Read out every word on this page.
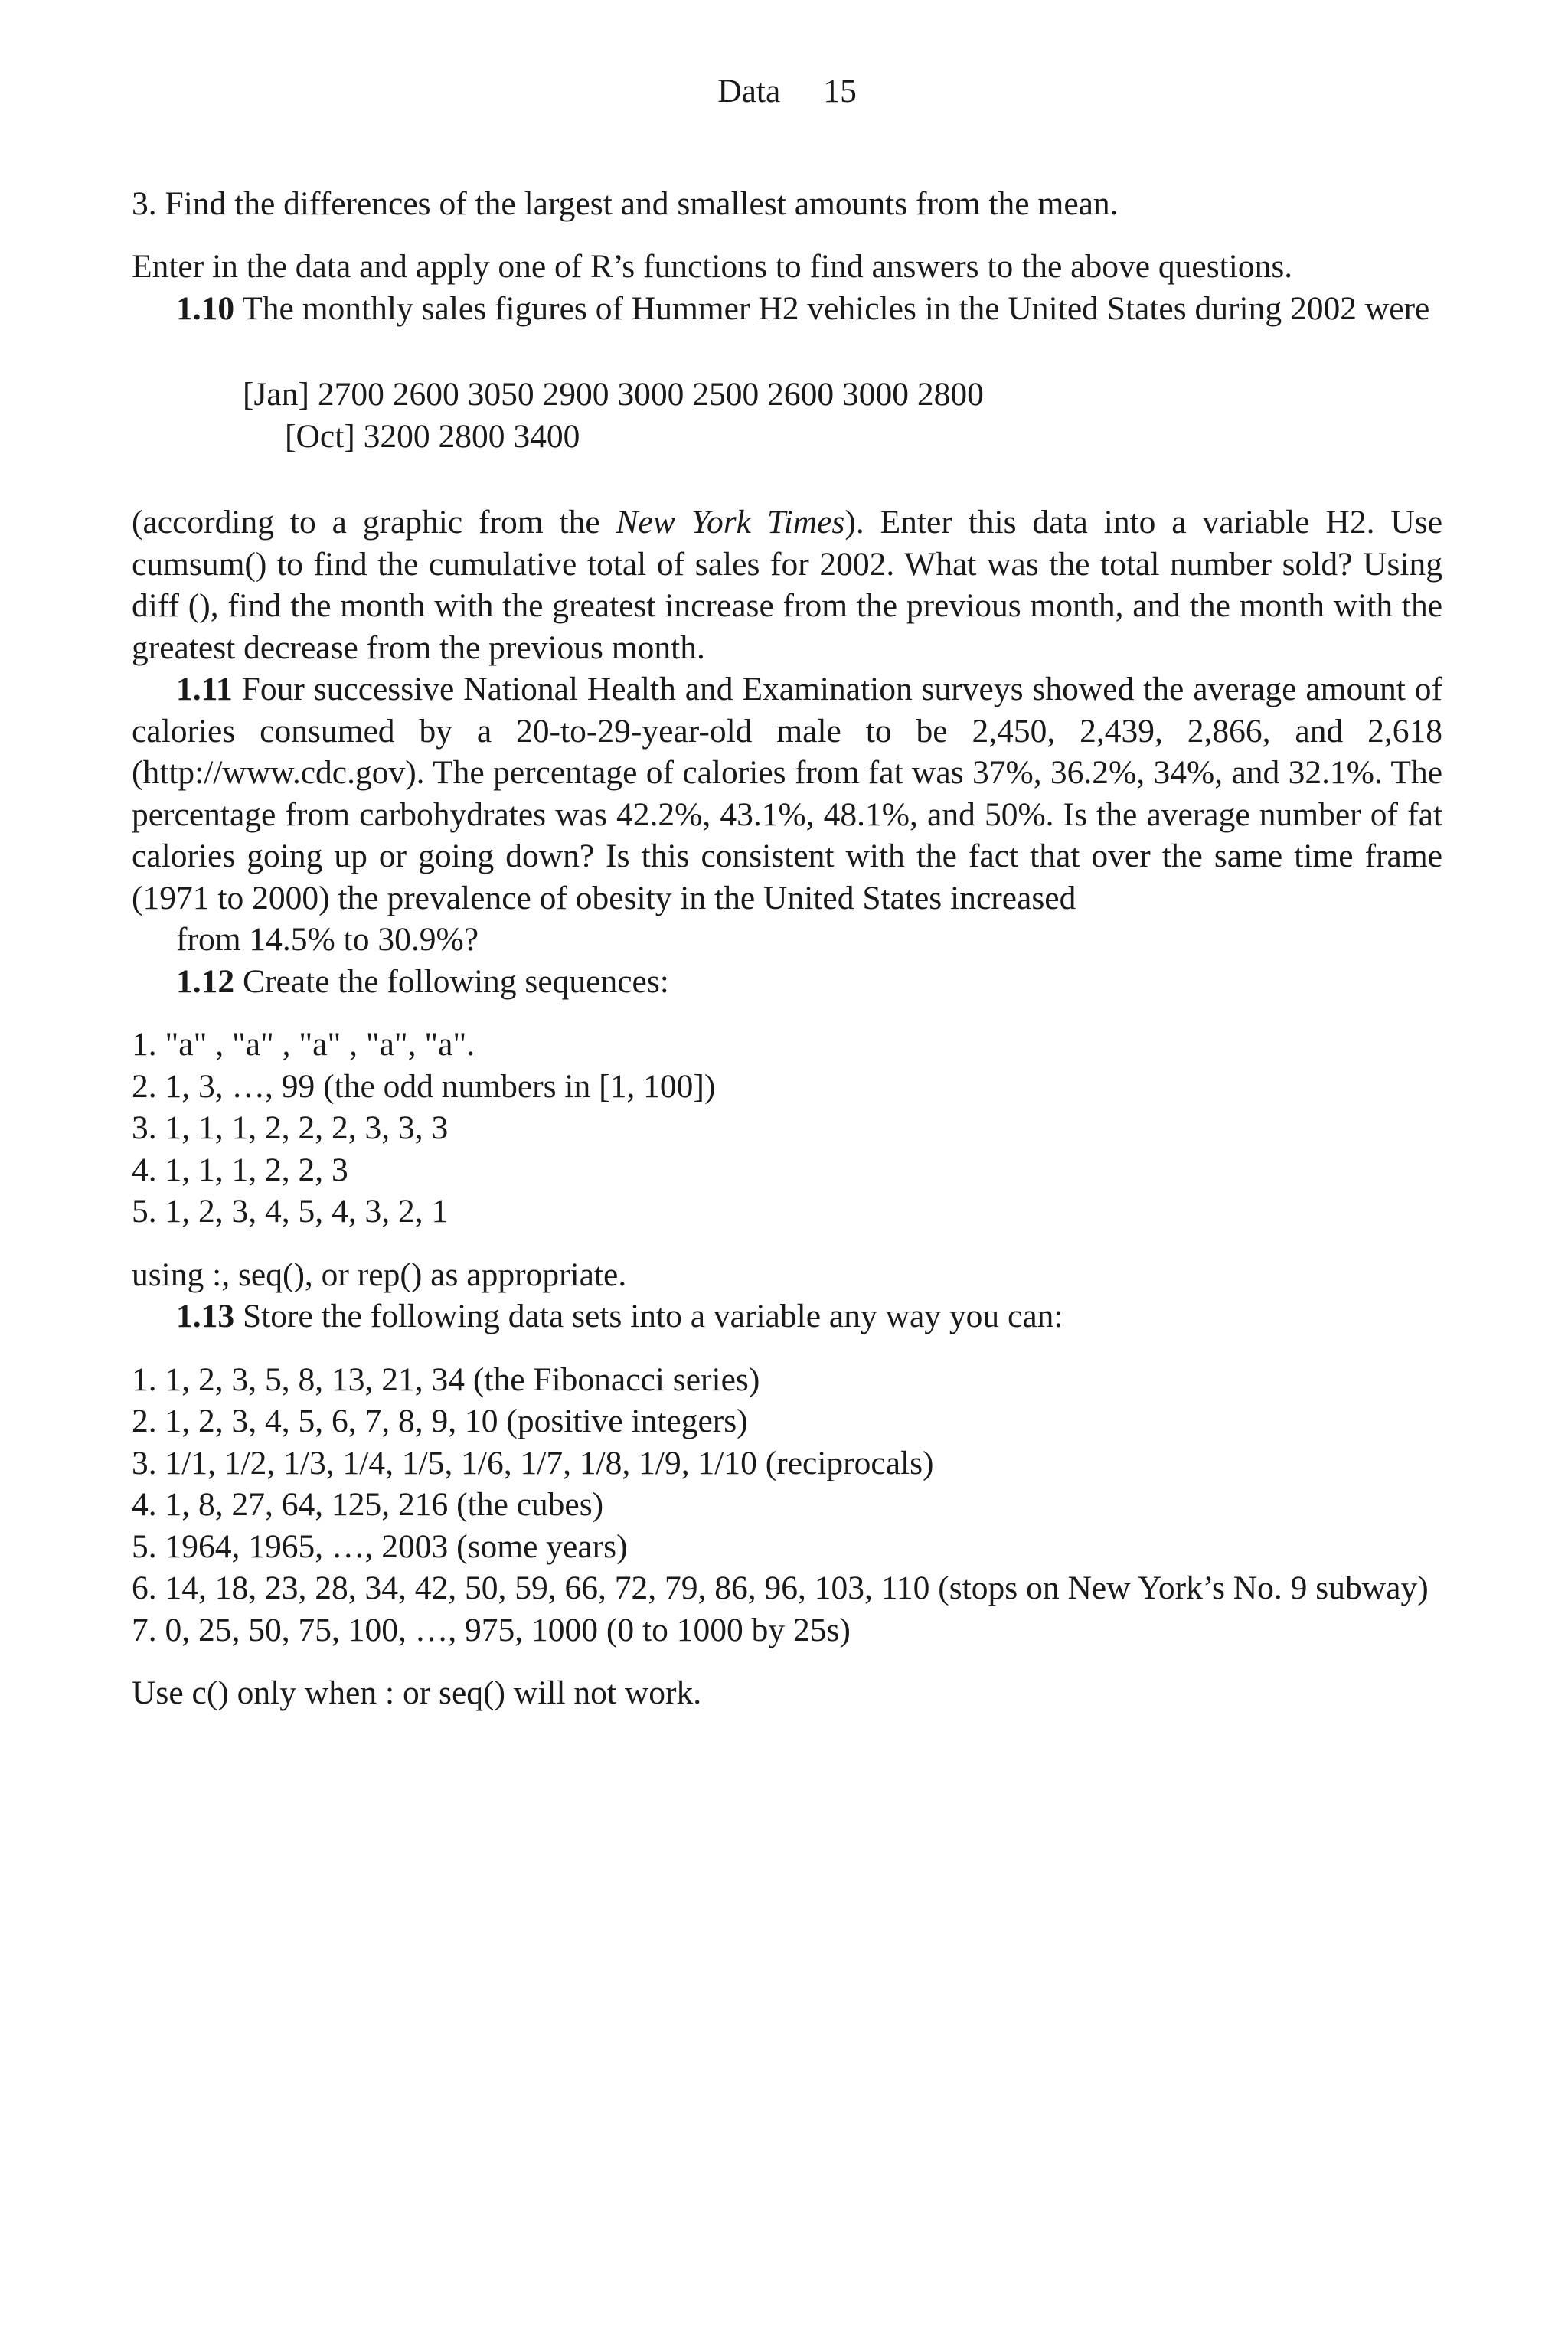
Data 15

3. Find the differences of the largest and smallest amounts from the mean.

Enter in the data and apply one of R’s functions to find answers to the above questions.

1.10 The monthly sales figures of Hummer H2 vehicles in the United States during 2002 were

[Jan] 2700 2600 3050 2900 3000 2500 2600 3000 2800
[Oct] 3200 2800 3400

(according to a graphic from the New York Times). Enter this data into a variable H2. Use cumsum() to find the cumulative total of sales for 2002. What was the total number sold? Using diff (), find the month with the greatest increase from the previous month, and the month with the greatest decrease from the previous month.

1.11 Four successive National Health and Examination surveys showed the average amount of calories consumed by a 20-to-29-year-old male to be 2,450, 2,439, 2,866, and 2,618 (http://www.cdc.gov). The percentage of calories from fat was 37%, 36.2%, 34%, and 32.1%. The percentage from carbohydrates was 42.2%, 43.1%, 48.1%, and 50%. Is the average number of fat calories going up or going down? Is this consistent with the fact that over the same time frame (1971 to 2000) the prevalence of obesity in the United States increased

from 14.5% to 30.9%?

1.12 Create the following sequences:

1. "a" , "a" , "a" , "a", "a".
2. 1, 3, …, 99 (the odd numbers in [1, 100])
3. 1, 1, 1, 2, 2, 2, 3, 3, 3
4. 1, 1, 1, 2, 2, 3
5. 1, 2, 3, 4, 5, 4, 3, 2, 1

using :, seq(), or rep() as appropriate.

1.13 Store the following data sets into a variable any way you can:

1. 1, 2, 3, 5, 8, 13, 21, 34 (the Fibonacci series)
2. 1, 2, 3, 4, 5, 6, 7, 8, 9, 10 (positive integers)
3. 1/1, 1/2, 1/3, 1/4, 1/5, 1/6, 1/7, 1/8, 1/9, 1/10 (reciprocals)
4. 1, 8, 27, 64, 125, 216 (the cubes)
5. 1964, 1965, …, 2003 (some years)
6. 14, 18, 23, 28, 34, 42, 50, 59, 66, 72, 79, 86, 96, 103, 110 (stops on New York’s No. 9 subway)
7. 0, 25, 50, 75, 100, …, 975, 1000 (0 to 1000 by 25s)

Use c() only when : or seq() will not work.
